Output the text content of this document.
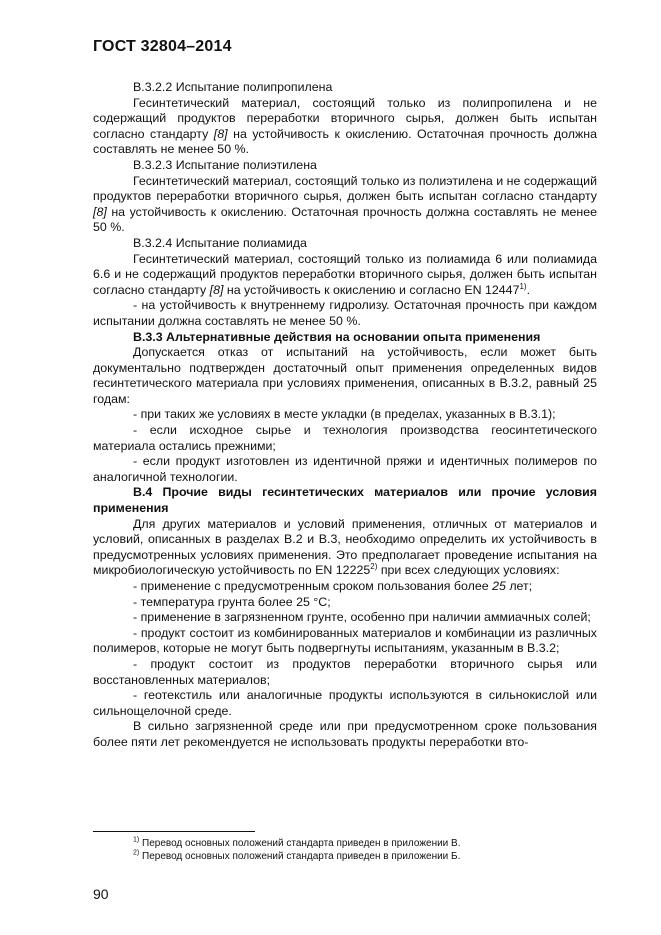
ГОСТ 32804–2014

В.3.2.2 Испытание полипропилена

Гесинтетический материал, состоящий только из полипропилена и не содержащий продуктов переработки вторичного сырья, должен быть испытан согласно стандарту [8] на устойчивость к окислению. Остаточная прочность должна составлять не менее 50 %.

В.3.2.3 Испытание полиэтилена

Гесинтетический материал, состоящий только из полиэтилена и не содержащий продуктов переработки вторичного сырья, должен быть испытан согласно стандарту [8] на устойчивость к окислению. Остаточная прочность должна составлять не менее 50 %.

В.3.2.4 Испытание полиамида

Гесинтетический материал, состоящий только из полиамида 6 или полиамида 6.6 и не содержащий продуктов переработки вторичного сырья, должен быть испытан согласно стандарту [8] на устойчивость к окислению и согласно EN 12447$^{1)}$.

- на устойчивость к внутреннему гидролизу. Остаточная прочность при каждом испытании должна составлять не менее 50 %.

В.3.3 Альтернативные действия на основании опыта применения

Допускается отказ от испытаний на устойчивость, если может быть документально подтвержден достаточный опыт применения определенных видов гесинтетического материала при условиях применения, описанных в В.3.2, равный 25 годам:

- при таких же условиях в месте укладки (в пределах, указанных в В.3.1);

- если исходное сырье и технология производства геосинтетического материала остались прежними;

- если продукт изготовлен из идентичной пряжи и идентичных полимеров по аналогичной технологии.

В.4 Прочие виды гесинтетических материалов или прочие условия применения

Для других материалов и условий применения, отличных от материалов и условий, описанных в разделах В.2 и В.3, необходимо определить их устойчивость в предусмотренных условиях применения. Это предполагает проведение испытания на микробиологическую устойчивость по EN 12225$^{2)}$ при всех следующих условиях:

- применение с предусмотренным сроком пользования более 25 лет;

- температура грунта более 25 °С;

- применение в загрязненном грунте, особенно при наличии аммиачных солей;

- продукт состоит из комбинированных материалов и комбинации из различных полимеров, которые не могут быть подвергнуты испытаниям, указанным в В.3.2;

- продукт состоит из продуктов переработки вторичного сырья или восстановленных материалов;

- геотекстиль или аналогичные продукты используются в сильнокислой или сильнощелочной среде.

В сильно загрязненной среде или при предусмотренном сроке пользования более пяти лет рекомендуется не использовать продукты переработки вто-

$^{1)}$ Перевод основных положений стандарта приведен в приложении В.
$^{2)}$ Перевод основных положений стандарта приведен в приложении Б.
90
